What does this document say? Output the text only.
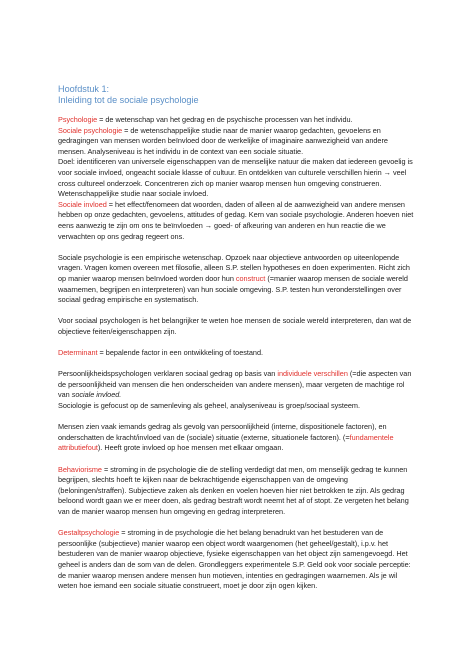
Hoofdstuk 1:
Inleiding tot de sociale psychologie

Psychologie = de wetenschap van het gedrag en de psychische processen van het individu.
Sociale psychologie = de wetenschappelijke studie naar de manier waarop gedachten, gevoelens en gedragingen van mensen worden beïnvloed door de werkelijke of imaginaire aanwezigheid van andere mensen. Analyseniveau is het individu in de context van een sociale situatie.
Doel: identificeren van universele eigenschappen van de menselijke natuur die maken dat iedereen gevoelig is voor sociale invloed, ongeacht sociale klasse of cultuur. En ontdekken van culturele verschillen hierin → veel cross cultureel onderzoek. Concentreren zich op manier waarop mensen hun omgeving construeren. Wetenschappelijke studie naar sociale invloed.
Sociale invloed = het effect/fenomeen dat woorden, daden of alleen al de aanwezigheid van andere mensen hebben op onze gedachten, gevoelens, attitudes of gedag. Kern van sociale psychologie. Anderen hoeven niet eens aanwezig te zijn om ons te beïnvloeden → goed- of afkeuring van anderen en hun reactie die we verwachten op ons gedrag regeert ons.

Sociale psychologie is een empirische wetenschap. Opzoek naar objectieve antwoorden op uiteenlopende vragen. Vragen komen overeen met filosofie, alleen S.P. stellen hypotheses en doen experimenten. Richt zich op manier waarop mensen beïnvloed worden door hun construct (=manier waarop mensen de sociale wereld waarnemen, begrijpen en interpreteren) van hun sociale omgeving. S.P. testen hun veronderstellingen over sociaal gedrag empirische en systematisch.

Voor sociaal psychologen is het belangrijker te weten hoe mensen de sociale wereld interpreteren, dan wat de objectieve feiten/eigenschappen zijn.

Determinant = bepalende factor in een ontwikkeling of toestand.

Persoonlijkheidspsychologen verklaren sociaal gedrag op basis van individuele verschillen (=die aspecten van de persoonlijkheid van mensen die hen onderscheiden van andere mensen), maar vergeten de machtige rol van sociale invloed.
Sociologie is gefocust op de samenleving als geheel, analyseniveau is groep/sociaal systeem.

Mensen zien vaak iemands gedrag als gevolg van persoonlijkheid (interne, dispositionele factoren), en onderschatten de kracht/invloed van de (sociale) situatie (externe, situationele factoren). (=fundamentele attributiefout). Heeft grote invloed op hoe mensen met elkaar omgaan.

Behaviorisme = stroming in de psychologie die de stelling verdedigt dat men, om menselijk gedrag te kunnen begrijpen, slechts hoeft te kijken naar de bekrachtigende eigenschappen van de omgeving (beloningen/straffen). Subjectieve zaken als denken en voelen hoeven hier niet betrokken te zijn. Als gedrag beloond wordt gaan we er meer doen, als gedrag bestraft wordt neemt het af of stopt. Ze vergeten het belang van de manier waarop mensen hun omgeving en gedrag interpreteren.

Gestaltpsychologie = stroming in de psychologie die het belang benadrukt van het bestuderen van de persoonlijke (subjectieve) manier waarop een object wordt waargenomen (het geheel/gestalt), i.p.v. het bestuderen van de manier waarop objectieve, fysieke eigenschappen van het object zijn samengevoegd. Het geheel is anders dan de som van de delen. Grondleggers experimentele S.P. Geld ook voor sociale perceptie: de manier waarop mensen andere mensen hun motieven, intenties en gedragingen waarnemen. Als je wil weten hoe iemand een sociale situatie construeert, moet je door zijn ogen kijken.
